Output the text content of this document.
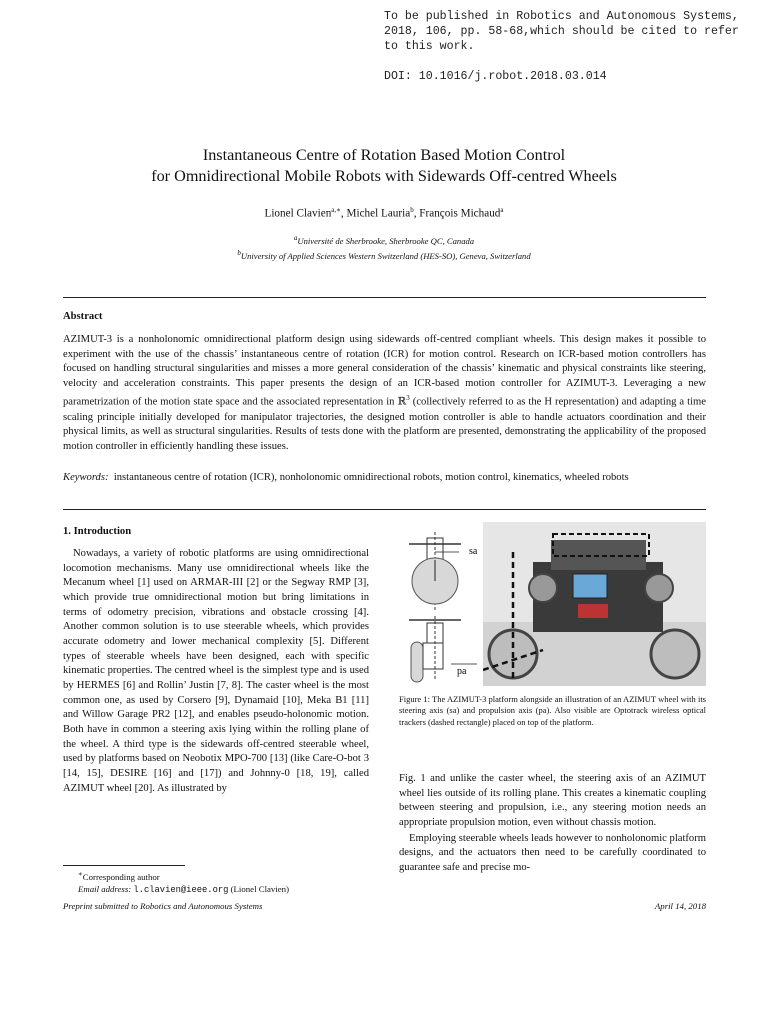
To be published in Robotics and Autonomous Systems, 2018, 106, pp. 58-68,which should be cited to refer to this work.
DOI: 10.1016/j.robot.2018.03.014
Instantaneous Centre of Rotation Based Motion Control
for Omnidirectional Mobile Robots with Sidewards Off-centred Wheels
Lionel Clavien$^{a,∗}$, Michel Lauria$^b$, François Michaud$^a$
$^a$Université de Sherbrooke, Sherbrooke QC, Canada
$^b$University of Applied Sciences Western Switzerland (HES-SO), Geneva, Switzerland
Abstract
AZIMUT-3 is a nonholonomic omnidirectional platform design using sidewards off-centred compliant wheels. This design makes it possible to experiment with the use of the chassis’ instantaneous centre of rotation (ICR) for motion control. Research on ICR-based motion controllers has focused on handling structural singularities and misses a more general consideration of the chassis’ kinematic and physical constraints like steering, velocity and acceleration constraints. This paper presents the design of an ICR-based motion controller for AZIMUT-3. Leveraging a new parametrization of the motion state space and the associated representation in ℝ$^3$ (collectively referred to as the H representation) and adapting a time scaling principle initially developed for manipulator trajectories, the designed motion controller is able to handle actuators coordination and their physical limits, as well as structural singularities. Results of tests done with the platform are presented, demonstrating the applicability of the proposed motion controller in efficiently handling these issues.
Keywords: instantaneous centre of rotation (ICR), nonholonomic omnidirectional robots, motion control, kinematics, wheeled robots
1. Introduction
Nowadays, a variety of robotic platforms are using omnidirectional locomotion mechanisms. Many use omnidirectional wheels like the Mecanum wheel [1] used on ARMAR-III [2] or the Segway RMP [3], which provide true omnidirectional motion but bring limitations in terms of odometry precision, vibrations and obstacle crossing [4]. Another common solution is to use steerable wheels, which provides accurate odometry and lower mechanical complexity [5]. Different types of steerable wheels have been designed, each with specific kinematic properties. The centred wheel is the simplest type and is used by HERMES [6] and Rollin’ Justin [7, 8]. The caster wheel is the most common one, as used by Corsero [9], Dynamaid [10], Meka B1 [11] and Willow Garage PR2 [12], and enables pseudo-holonomic motion. Both have in common a steering axis lying within the rolling plane of the wheel. A third type is the sidewards off-centred steerable wheel, used by platforms based on Neobotix MPO-700 [13] (like Care-O-bot 3 [14, 15], DESIRE [16] and [17]) and Johnny-0 [18, 19], called AZIMUT wheel [20]. As illustrated by
sa
pa
Figure 1: The AZIMUT-3 platform alongside an illustration of an AZIMUT wheel with its steering axis (sa) and propulsion axis (pa). Also visible are Optotrack wireless optical trackers (dashed rectangle) placed on top of the platform.

Fig. 1 and unlike the caster wheel, the steering axis of an AZIMUT wheel lies outside of its rolling plane. This creates a kinematic coupling between steering and propulsion, i.e., any steering motion needs an appropriate propulsion motion, even without chassis motion.

Employing steerable wheels leads however to nonholonomic platform designs, and the actuators then need to be carefully coordinated to guarantee safe and precise mo-

∗Corresponding author
Email address: l.clavien@ieee.org (Lionel Clavien)
Preprint submitted to Robotics and Autonomous Systems	April 14, 2018
